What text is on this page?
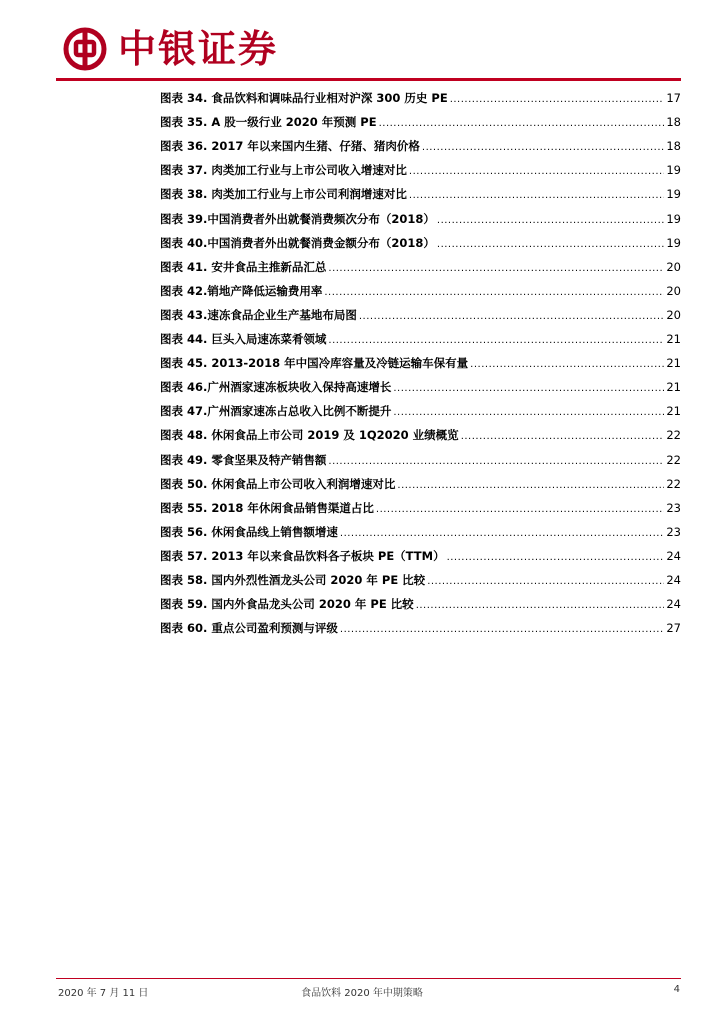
中银证券
图表 34. 食品饮料和调味品行业相对沪深 300 历史 PE .....	17
图表 35. A 股一级行业 2020 年预测 PE .....	18
图表 36. 2017 年以来国内生猪、仔猪、猪肉价格 .....	18
图表 37. 肉类加工行业与上市公司收入增速对比 .....	19
图表 38. 肉类加工行业与上市公司利润增速对比 .....	19
图表 39.中国消费者外出就餐消费频次分布（2018） .....	19
图表 40.中国消费者外出就餐消费金额分布（2018） .....	19
图表 41. 安井食品主推新品汇总 .....	20
图表 42.销地产降低运输费用率 .....	20
图表 43.速冻食品企业生产基地布局图 .....	20
图表 44. 巨头入局速冻菜肴领域 .....	21
图表 45. 2013-2018 年中国冷库容量及冷链运输车保有量 .....	21
图表 46.广州酒家速冻板块收入保持高速增长 .....	21
图表 47.广州酒家速冻占总收入比例不断提升 .....	21
图表 48. 休闲食品上市公司 2019 及 1Q2020 业绩概览 .....	22
图表 49. 零食坚果及特产销售额 .....	22
图表 50. 休闲食品上市公司收入利润增速对比 .....	22
图表 55. 2018 年休闲食品销售渠道占比 .....	23
图表 56. 休闲食品线上销售额增速 .....	23
图表 57. 2013 年以来食品饮料各子板块 PE（TTM） .....	24
图表 58. 国内外烈性酒龙头公司 2020 年 PE 比较 .....	24
图表 59. 国内外食品龙头公司 2020 年 PE 比较 .....	24
图表 60. 重点公司盈利预测与评级 .....	27
2020 年 7 月 11 日	食品饮料 2020 年中期策略	4
